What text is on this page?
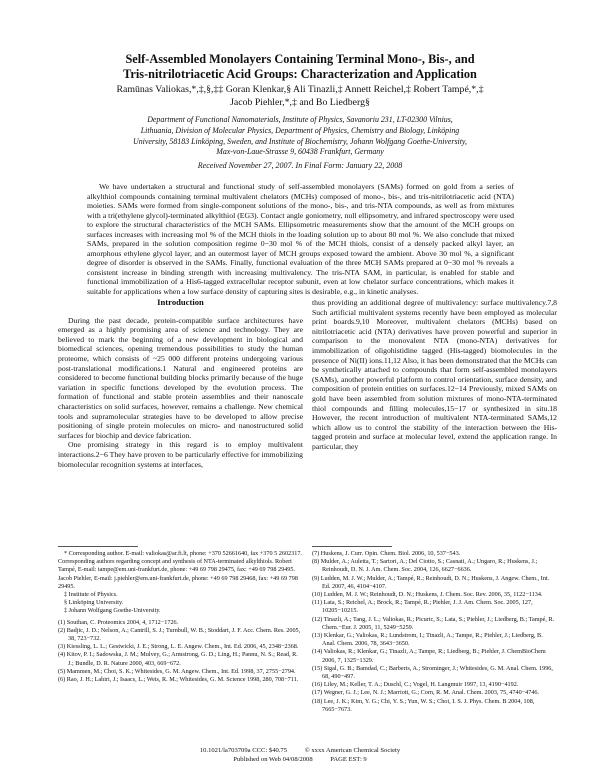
Self-Assembled Monolayers Containing Terminal Mono-, Bis-, and
Tris-nitrilotriacetic Acid Groups: Characterization and Application
Ramūnas Valiokas,*,‡,§,‡‡ Goran Klenkar,§ Ali Tinazli,‡ Annett Reichel,‡ Robert Tampé,*,‡
Jacob Piehler,*,‡ and Bo Liedberg§
Department of Functional Nanomaterials, Institute of Physics, Savanoriu 231, LT-02300 Vilnius,
Lithuania, Division of Molecular Physics, Department of Physics, Chemistry and Biology, Linköping
University, 58183 Linköping, Sweden, and Institute of Biochemistry, Johann Wolfgang Goethe-University,
Max-von-Laue-Strasse 9, 60438 Frankfurt, Germany
Received November 27, 2007. In Final Form: January 22, 2008

We have undertaken a structural and functional study of self-assembled monolayers (SAMs) formed on gold from a series of alkylthiol compounds containing terminal multivalent chelators (MCHs) composed of mono-, bis-, and tris-nitrilotriacetic acid (NTA) moieties. SAMs were formed from single-component solutions of the mono-, bis-, and tris-NTA compounds, as well as from mixtures with a tri(ethylene glycol)-terminated alkylthiol (EG3). Contact angle goniometry, null ellipsometry, and infrared spectroscopy were used to explore the structural characteristics of the MCH SAMs. Ellipsometric measurements show that the amount of the MCH groups on surfaces increases with increasing mol % of the MCH thiols in the loading solution up to about 80 mol %. We also conclude that mixed SAMs, prepared in the solution composition regime 0−30 mol % of the MCH thiols, consist of a densely packed alkyl layer, an amorphous ethylene glycol layer, and an outermost layer of MCH groups exposed toward the ambient. Above 30 mol %, a significant degree of disorder is observed in the SAMs. Finally, functional evaluation of the three MCH SAMs prepared at 0−30 mol % reveals a consistent increase in binding strength with increasing multivalency. The tris-NTA SAM, in particular, is enabled for stable and functional immobilization of a His6-tagged extracellular receptor subunit, even at low chelator surface concentrations, which makes it suitable for applications when a low surface density of capturing sites is desirable, e.g., in kinetic analyses.

Introduction

During the past decade, protein-compatible surface architectures have emerged as a highly promising area of science and technology. They are believed to mark the beginning of a new development in biological and biomedical sciences, opening tremendous possibilities to study the human proteome, which consists of ~25 000 different proteins undergoing various post-translational modifications.1 Natural and engineered proteins are considered to become functional building blocks primarily because of the huge variation in specific functions developed by the evolution process. The formation of functional and stable protein assemblies and their nanoscale characteristics on solid surfaces, however, remains a challenge. New chemical tools and supramolecular strategies have to be developed to allow precise positioning of single protein molecules on micro- and nanostructured solid surfaces for biochip and device fabrication.

One promising strategy in this regard is to employ multivalent interactions.2−6 They have proven to be particularly effective for immobilizing biomolecular recognition systems at interfaces,

thus providing an additional degree of multivalency: surface multivalency.7,8 Such artificial multivalent systems recently have been employed as molecular print boards.9,10 Moreover, multivalent chelators (MCHs) based on nitrilotriacetic acid (NTA) derivatives have proven powerful and superior in comparison to the monovalent NTA (mono-NTA) derivatives for immobilization of oligohistidine tagged (His-tagged) biomolecules in the presence of Ni(II) ions.11,12 Also, it has been demonstrated that the MCHs can be synthetically attached to compounds that form self-assembled monolayers (SAMs), another powerful platform to control orientation, surface density, and composition of protein entities on surfaces.12−14 Previously, mixed SAMs on gold have been assembled from solution mixtures of mono-NTA-terminated thiol compounds and filling molecules,15−17 or synthesized in situ.18 However, the recent introduction of multivalent NTA-terminated SAMs,12 which allow us to control the stability of the interaction between the His-tagged protein and surface at molecular level, extend the application range. In particular, they

* Corresponding author. E-mail: valiokas@ar.fi.lt, phone: +370 52661640, fax +370 5 2602317. Corresponding authors regarding concept and synthesis of NTA-terminated alkylthiols. Robert Tampé, E-mail: tampe@em.uni-frankfurt.de, phone: +49 69 798 29475, fax: +49 69 798 29495. Jacob Piehler, E-mail: j.piehler@em.uni-frankfurt.de, phone: +49 69 798 29468, fax: +49 69 798 29495.
‡ Institute of Physics.
§ Linköping University.
‡ Johann Wolfgang Goethe-University.
(1) Southan, C. Proteomics 2004, 4, 1712−1726.
(2) Badjic, J. D.; Nelson, A.; Cantrill, S. J.; Turnbull, W. B.; Stoddart, J. F. Acc. Chem. Res. 2005, 38, 723−732.
(3) Kiessling, L. L.; Gestwicki, J. E.; Strong, L. E. Angew. Chem., Int. Ed. 2006, 45, 2348−2368.
(4) Kitov, P. I.; Sadowska, J. M.; Mulvey, G.; Armstrong, G. D.; Ling, H.; Pannu, N. S.; Read, R. J.; Bundle, D. R. Nature 2000, 403, 669−672.
(5) Mammen, M.; Choi, S. K.; Whitesides, G. M. Angew. Chem., Int. Ed. 1998, 37, 2755−2794.
(6) Rao, J. H.; Lahiri, J.; Isaacs, L.; Weis, R. M.; Whitesides, G. M. Science 1998, 280, 708−711.
(7) Huskens, J. Curr. Opin. Chem. Biol. 2006, 10, 537−543.
(8) Mulder, A.; Auletta, T.; Sartori, A.; Del Ciotto, S.; Casnati, A.; Ungaro, R.; Huskens, J.; Reinhoudt, D. N. J. Am. Chem. Soc. 2004, 126, 6627−6636.
(9) Ludden, M. J. W.; Mulder, A.; Tampé, R.; Reinhoudt, D. N.; Huskens, J. Angew. Chem., Int. Ed. 2007, 46, 4104−4107.
(10) Ludden, M. J. W.; Reinhoudt, D. N.; Huskens, J. Chem. Soc. Rev. 2006, 35, 1122−1134.
(11) Lata, S.; Reichel, A.; Brock, R.; Tampé, R.; Piehler, J. J. Am. Chem. Soc. 2005, 127, 10205−10215.
(12) Tinazli, A.; Tang, J. L.; Valiokas, R.; Picuric, S.; Lata, S.; Piehler, J.; Liedberg, B.; Tampé, R. Chem.−Eur. J. 2005, 11, 5249−5259.
(13) Klenkar, G.; Valiokas, R.; Lundstrom, I.; Tinazli, A.; Tampe, R.; Piehler, J.; Liedberg, B. Anal. Chem. 2006, 78, 3643−3650.
(14) Valiokas, R.; Klenkar, G.; Tinazli, A.; Tampe, R.; Liedberg, B.; Piehler, J. ChemBioChem 2006, 7, 1325−1329.
(15) Sigal, G. B.; Bamdad, C.; Barberis, A.; Strominger, J.; Whitesides, G. M. Anal. Chem. 1996, 68, 490−497.
(16) Liley, M.; Keller, T. A.; Duschl, C.; Vogel, H. Langmuir 1997, 13, 4190−4192.
(17) Wegner, G. J.; Lee, N. J.; Marriott, G.; Corn, R. M. Anal. Chem. 2003, 75, 4740−4746.
(18) Lee, J. K.; Kim, Y. G.; Chi, Y. S.; Yun, W. S.; Choi, I. S. J. Phys. Chem. B 2004, 108, 7665−7673.
10.1021/la703709a CCC: $40.75	© xxxx American Chemical Society
Published on Web 04/08/2008	PAGE EST: 9
